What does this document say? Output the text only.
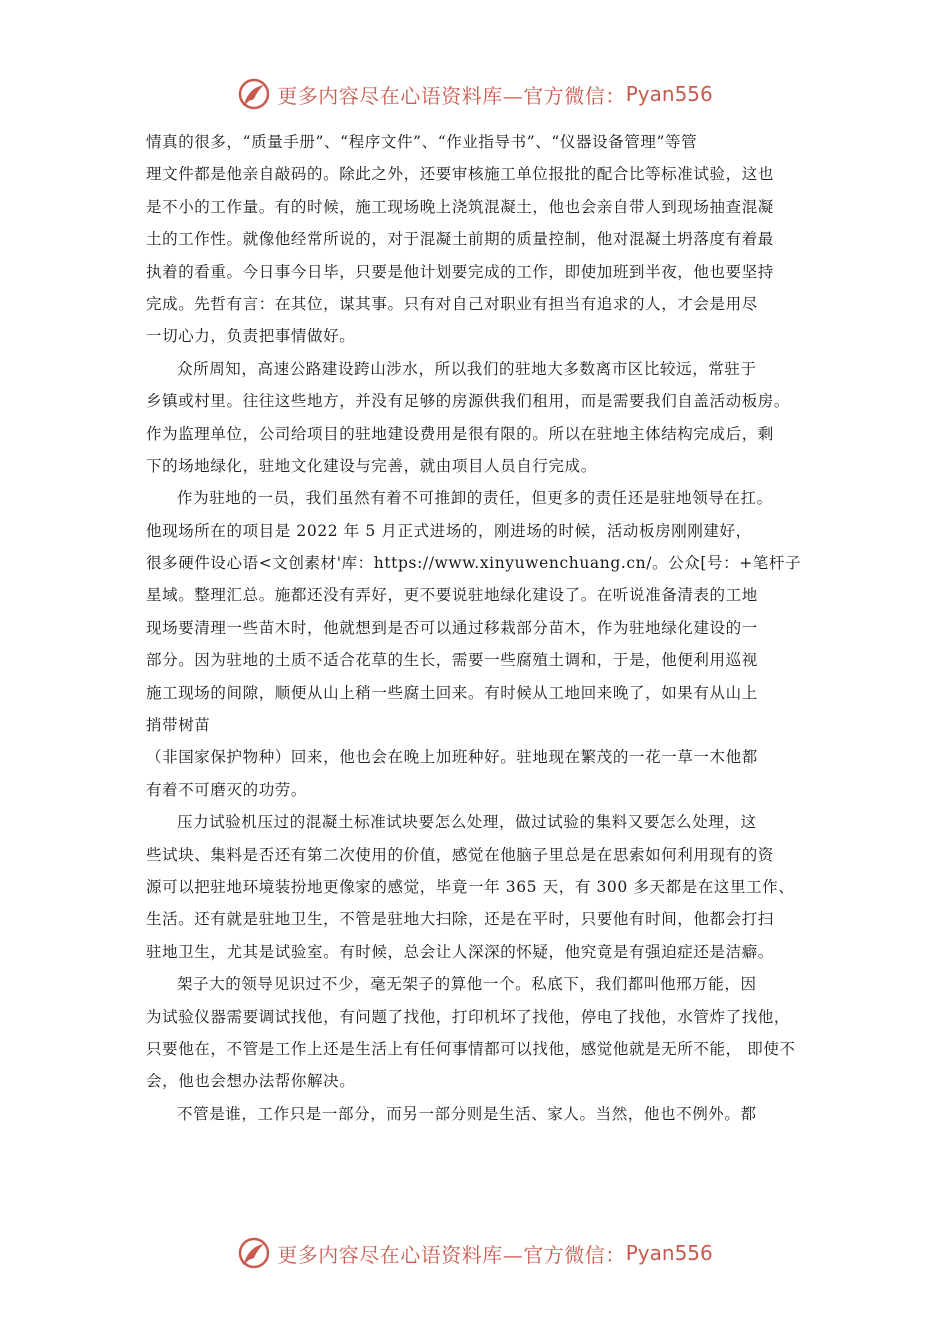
更多内容尽在心语资料库—官方微信： Pyan556
情真的很多，“质量手册”、“程序文件”、“作业指导书”、“仪器设备管理”等管
理文件都是他亲自敲码的。除此之外，还要审核施工单位报批的配合比等标准试验，这也
是不小的工作量。有的时候，施工现场晚上浇筑混凝土，他也会亲自带人到现场抽查混凝
土的工作性。就像他经常所说的，对于混凝土前期的质量控制，他对混凝土坍落度有着最
执着的看重。今日事今日毕，只要是他计划要完成的工作，即使加班到半夜，他也要坚持
完成。先哲有言：在其位，谋其事。只有对自己对职业有担当有追求的人，才会是用尽
一切心力，负责把事情做好。
众所周知，高速公路建设跨山涉水，所以我们的驻地大多数离市区比较远，常驻于
乡镇或村里。往往这些地方，并没有足够的房源供我们租用，而是需要我们自盖活动板房。
作为监理单位，公司给项目的驻地建设费用是很有限的。所以在驻地主体结构完成后，剩
下的场地绿化，驻地文化建设与完善，就由项目人员自行完成。
作为驻地的一员，我们虽然有着不可推卸的责任，但更多的责任还是驻地领导在扛。
他现场所在的项目是 2022 年 5 月正式进场的，刚进场的时候，活动板房刚刚建好，
很多硬件设心语<文创素材'库：https://www.xinyuwenchuang.cn/。公众[号：+笔杆子
星域。整理汇总。施都还没有弄好，更不要说驻地绿化建设了。在听说准备清表的工地
现场要清理一些苗木时，他就想到是否可以通过移栽部分苗木，作为驻地绿化建设的一
部分。因为驻地的土质不适合花草的生长，需要一些腐殖土调和，于是，他便利用巡视
施工现场的间隙，顺便从山上稍一些腐土回来。有时候从工地回来晚了，如果有从山上
捎带树苗
（非国家保护物种）回来，他也会在晚上加班种好。驻地现在繁茂的一花一草一木他都
有着不可磨灭的功劳。
压力试验机压过的混凝土标准试块要怎么处理，做过试验的集料又要怎么处理，这
些试块、集料是否还有第二次使用的价值，感觉在他脑子里总是在思索如何利用现有的资
源可以把驻地环境装扮地更像家的感觉，毕竟一年 365 天，有 300 多天都是在这里工作、
生活。还有就是驻地卫生，不管是驻地大扫除，还是在平时，只要他有时间，他都会打扫
驻地卫生，尤其是试验室。有时候，总会让人深深的怀疑，他究竟是有强迫症还是洁癖。
架子大的领导见识过不少，毫无架子的算他一个。私底下，我们都叫他邢万能，因
为试验仪器需要调试找他，有问题了找他，打印机坏了找他，停电了找他，水管炸了找他，
只要他在，不管是工作上还是生活上有任何事情都可以找他，感觉他就是无所不能， 即使不
会，他也会想办法帮你解决。
不管是谁，工作只是一部分，而另一部分则是生活、家人。当然，他也不例外。都
更多内容尽在心语资料库—官方微信： Pyan556
